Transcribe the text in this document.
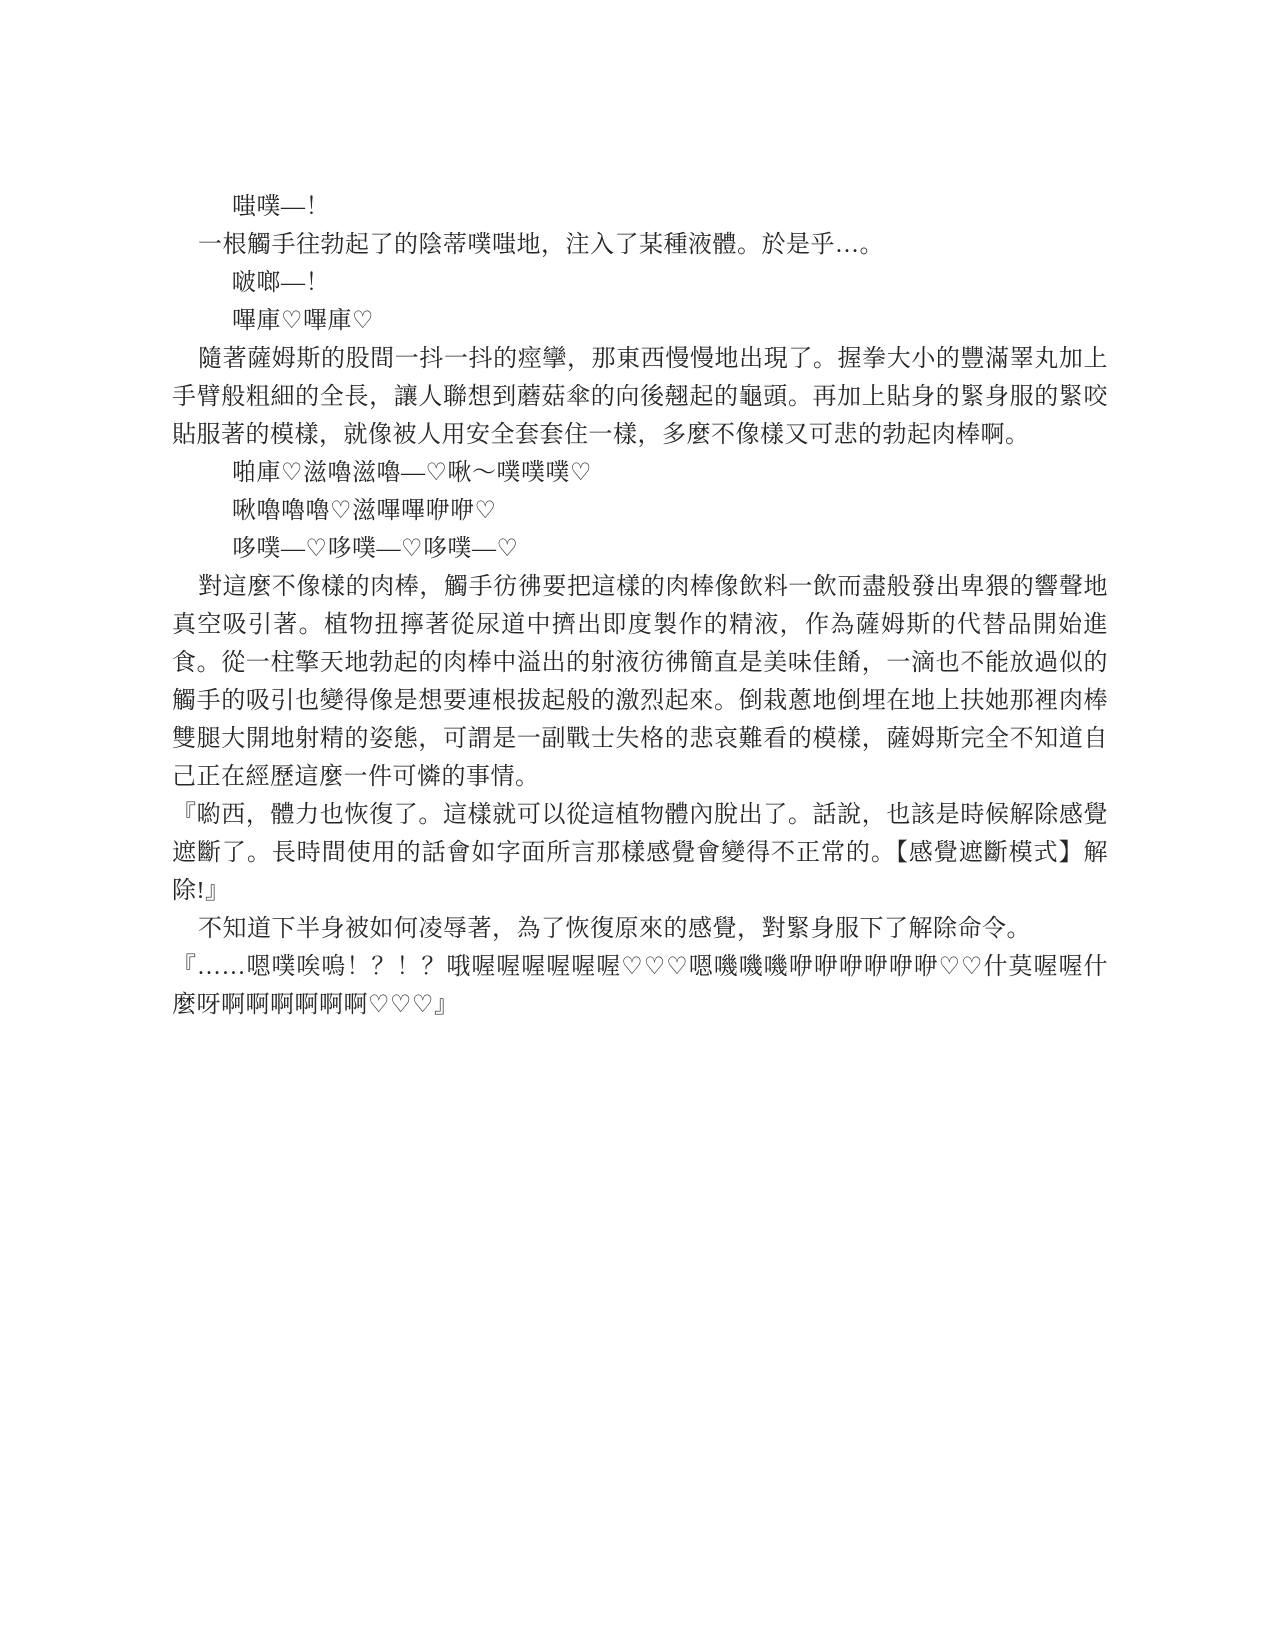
嗤噗—！

一根觸手往勃起了的陰蒂噗嗤地，注入了某種液體。於是乎…。

啵啷—！

嗶庫♡嗶庫♡

隨著薩姆斯的股間一抖一抖的痙攣，那東西慢慢地出現了。握拳大小的豐滿睪丸加上手臂般粗細的全長，讓人聯想到蘑菇傘的向後翹起的龜頭。再加上貼身的緊身服的緊咬貼服著的模樣，就像被人用安全套套住一樣，多麼不像樣又可悲的勃起肉棒啊。

啪庫♡滋嚕滋嚕—♡啾～噗噗噗♡

啾嚕嚕嚕♡滋嗶嗶咿咿♡

哆噗—♡哆噗—♡哆噗—♡

對這麼不像樣的肉棒，觸手彷彿要把這樣的肉棒像飲料一飲而盡般發出卑猥的響聲地真空吸引著。植物扭擰著從尿道中擠出即度製作的精液，作為薩姆斯的代替品開始進食。從一柱擎天地勃起的肉棒中溢出的射液彷彿簡直是美味佳餚，一滴也不能放過似的觸手的吸引也變得像是想要連根拔起般的激烈起來。倒栽蔥地倒埋在地上扶她那裡肉棒雙腿大開地射精的姿態，可謂是一副戰士失格的悲哀難看的模樣，薩姆斯完全不知道自己正在經歷這麼一件可憐的事情。

『喲西，體力也恢復了。這樣就可以從這植物體內脫出了。話說，也該是時候解除感覺遮斷了。長時間使用的話會如字面所言那樣感覺會變得不正常的。【感覺遮斷模式】解除!』

不知道下半身被如何凌辱著，為了恢復原來的感覺，對緊身服下了解除命令。

『……嗯噗唉嗚！？！？哦喔喔喔喔喔喔♡♡♡嗯嘰嘰嘰咿咿咿咿咿咿♡♡什莫喔喔什麼呀啊啊啊啊啊啊♡♡♡』
